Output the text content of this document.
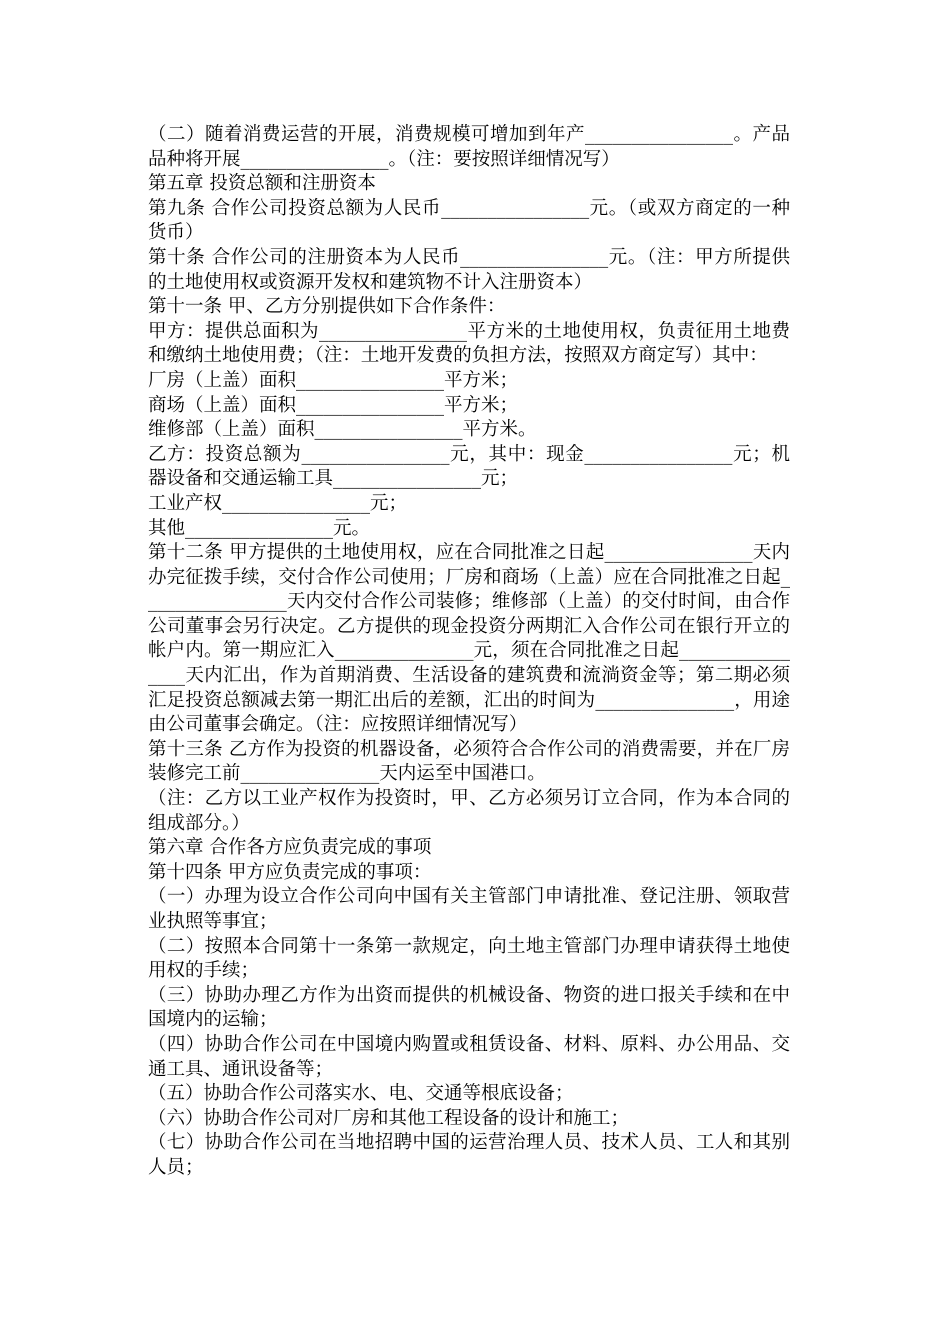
（二）随着消费运营的开展，消费规模可增加到年产________________。产品品种将开展________________。（注：要按照详细情况写）

第五章 投资总额和注册资本

第九条 合作公司投资总额为人民币________________元。（或双方商定的一种货币）

第十条 合作公司的注册资本为人民币________________元。（注：甲方所提供的土地使用权或资源开发权和建筑物不计入注册资本）

第十一条 甲、乙方分别提供如下合作条件：

甲方：提供总面积为________________平方米的土地使用权，负责征用土地费和缴纳土地使用费；（注：土地开发费的负担方法，按照双方商定写）其中：

厂房（上盖）面积________________平方米；

商场（上盖）面积________________平方米；

维修部（上盖）面积________________平方米。

乙方：投资总额为________________元，其中：现金________________元；机器设备和交通运输工具________________元；

工业产权________________元；

其他________________元。

第十二条 甲方提供的土地使用权，应在合同批准之日起________________天内办完征拨手续，交付合作公司使用；厂房和商场（上盖）应在合同批准之日起________________天内交付合作公司装修；维修部（上盖）的交付时间，由合作公司董事会另行决定。乙方提供的现金投资分两期汇入合作公司在银行开立的帐户内。第一期应汇入_______________元，须在合同批准之日起________________天内汇出，作为首期消费、生活设备的建筑费和流淌资金等；第二期必须汇足投资总额减去第一期汇出后的差额，汇出的时间为_______________，用途由公司董事会确定。（注：应按照详细情况写）

第十三条 乙方作为投资的机器设备，必须符合合作公司的消费需要，并在厂房装修完工前_______________天内运至中国港口。

（注：乙方以工业产权作为投资时，甲、乙方必须另订立合同，作为本合同的组成部分。）

第六章 合作各方应负责完成的事项

第十四条 甲方应负责完成的事项：

（一）办理为设立合作公司向中国有关主管部门申请批准、登记注册、领取营业执照等事宜；

（二）按照本合同第十一条第一款规定，向土地主管部门办理申请获得土地使用权的手续；

（三）协助办理乙方作为出资而提供的机械设备、物资的进口报关手续和在中国境内的运输；

（四）协助合作公司在中国境内购置或租赁设备、材料、原料、办公用品、交通工具、通讯设备等；

（五）协助合作公司落实水、电、交通等根底设备；

（六）协助合作公司对厂房和其他工程设备的设计和施工；

（七）协助合作公司在当地招聘中国的运营治理人员、技术人员、工人和其别人员；
